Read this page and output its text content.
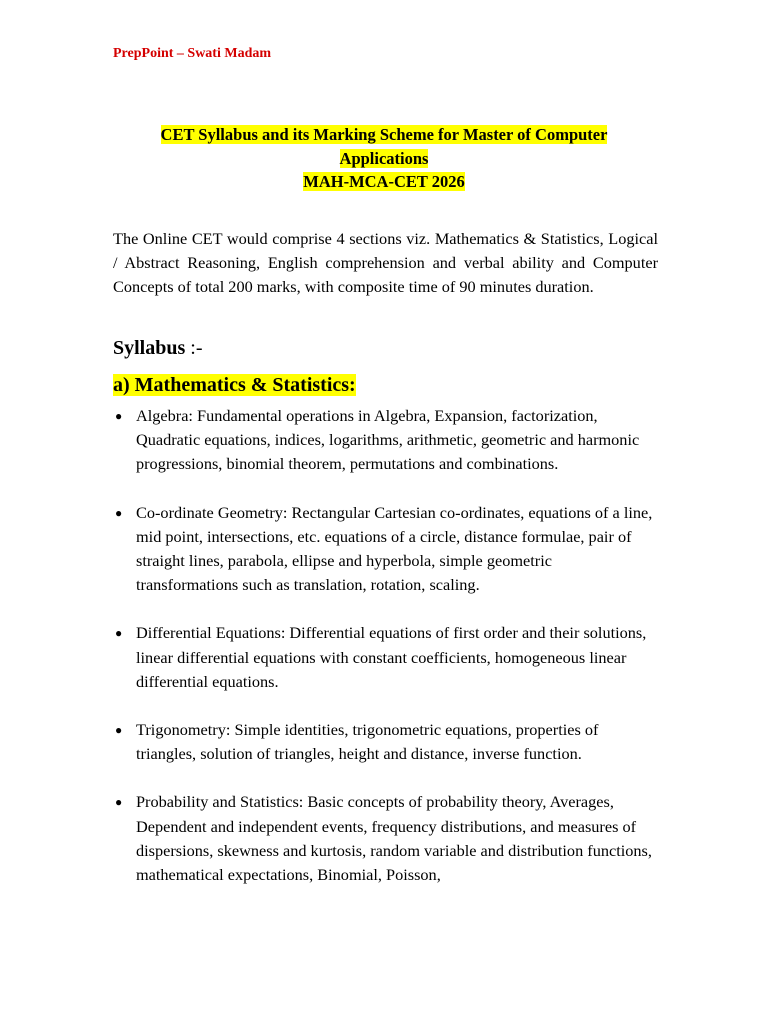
PrepPoint – Swati Madam
CET Syllabus and its Marking Scheme for Master of Computer
Applications
MAH-MCA-CET 2026

The Online CET would comprise 4 sections viz. Mathematics & Statistics, Logical / Abstract Reasoning, English comprehension and verbal ability and Computer Concepts of total 200 marks, with composite time of 90 minutes duration.

Syllabus :-
a) Mathematics & Statistics:
● Algebra: Fundamental operations in Algebra, Expansion, factorization, Quadratic equations, indices, logarithms, arithmetic, geometric and harmonic progressions, binomial theorem, permutations and combinations.
● Co-ordinate Geometry: Rectangular Cartesian co-ordinates, equations of a line, mid point, intersections, etc. equations of a circle, distance formulae, pair of straight lines, parabola, ellipse and hyperbola, simple geometric transformations such as translation, rotation, scaling.
● Differential Equations: Differential equations of first order and their solutions, linear differential equations with constant coefficients, homogeneous linear differential equations.
● Trigonometry: Simple identities, trigonometric equations, properties of triangles, solution of triangles, height and distance, inverse function.
● Probability and Statistics: Basic concepts of probability theory, Averages, Dependent and independent events, frequency distributions, and measures of dispersions, skewness and kurtosis, random variable and distribution functions, mathematical expectations, Binomial, Poisson,
